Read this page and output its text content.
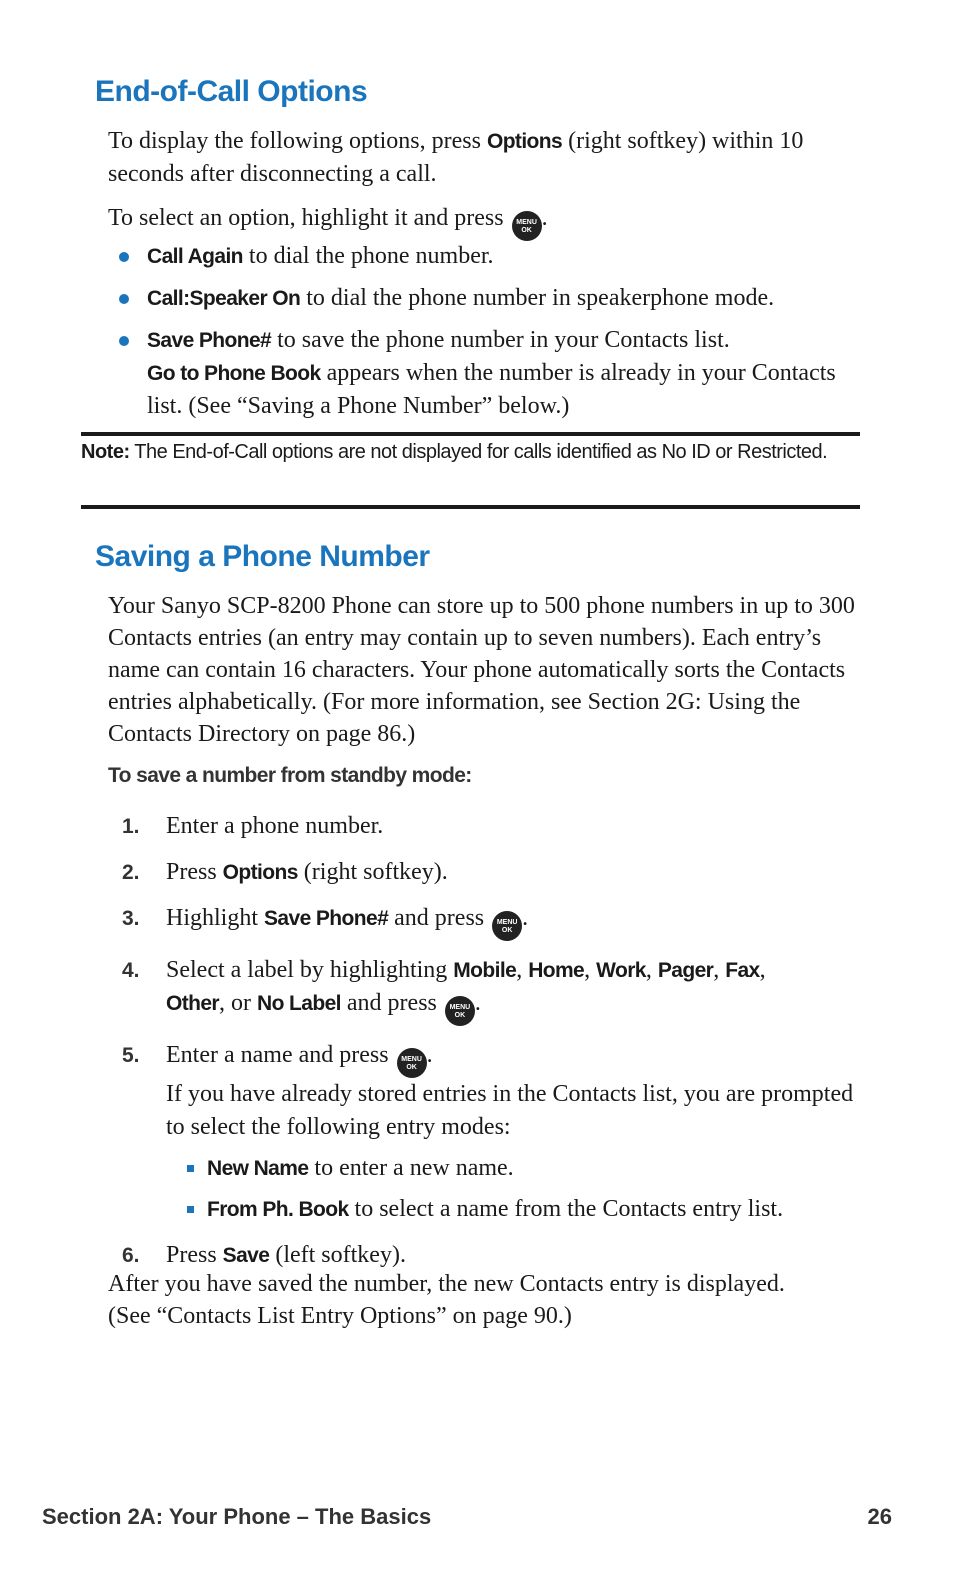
End-of-Call Options

To display the following options, press Options (right softkey) within 10 seconds after disconnecting a call.

To select an option, highlight it and press	MENU
OK .

Call Again to dial the phone number.
Call:Speaker On to dial the phone number in speakerphone mode.
Save Phone# to save the phone number in your Contacts list.
Go to Phone Book appears when the number is already in your Contacts list. (See “Saving a Phone Number” below.)

Note: The End-of-Call options are not displayed for calls identified as No ID or Restricted.

Saving a Phone Number

Your Sanyo SCP-8200 Phone can store up to 500 phone numbers in up to 300 Contacts entries (an entry may contain up to seven numbers). Each entry’s name can contain 16 characters. Your phone automatically sorts the Contacts entries alphabetically. (For more information, see Section 2G: Using the Contacts Directory on page 86.)

To save a number from standby mode:

1. Enter a phone number.
2. Press Options (right softkey).
3. Highlight Save Phone# and press	MENU
OK .
4. Select a label by highlighting Mobile, Home, Work, Pager, Fax,
Other, or No Label and press	MENU
OK .
5. Enter a name and press	MENU
OK .
If you have already stored entries in the Contacts list, you are prompted to select the following entry modes:
New Name to enter a new name.
From Ph. Book to select a name from the Contacts entry list.
6. Press Save (left softkey).

After you have saved the number, the new Contacts entry is displayed. (See “Contacts List Entry Options” on page 90.)

Section 2A: Your Phone – The Basics	26
